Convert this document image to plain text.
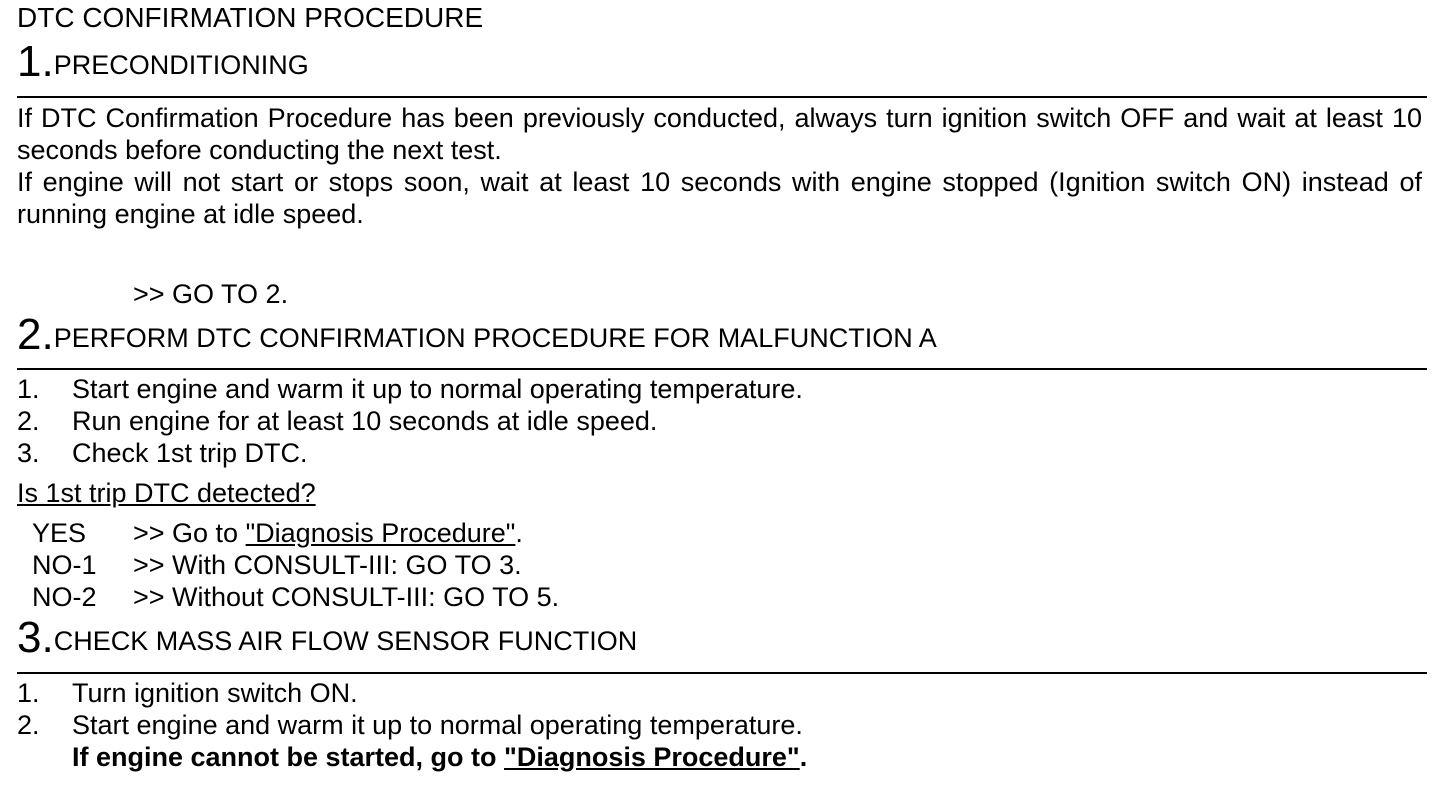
DTC CONFIRMATION PROCEDURE
1.PRECONDITIONING
If DTC Confirmation Procedure has been previously conducted, always turn ignition switch OFF and wait at least 10 seconds before conducting the next test.
If engine will not start or stops soon, wait at least 10 seconds with engine stopped (Ignition switch ON) instead of running engine at idle speed.
>> GO TO 2.
2.PERFORM DTC CONFIRMATION PROCEDURE FOR MALFUNCTION A
1. Start engine and warm it up to normal operating temperature.
2. Run engine for at least 10 seconds at idle speed.
3. Check 1st trip DTC.
Is 1st trip DTC detected?
YES >> Go to "Diagnosis Procedure".
NO-1 >> With CONSULT-III: GO TO 3.
NO-2 >> Without CONSULT-III: GO TO 5.
3.CHECK MASS AIR FLOW SENSOR FUNCTION
1. Turn ignition switch ON.
2. Start engine and warm it up to normal operating temperature.
If engine cannot be started, go to "Diagnosis Procedure".
